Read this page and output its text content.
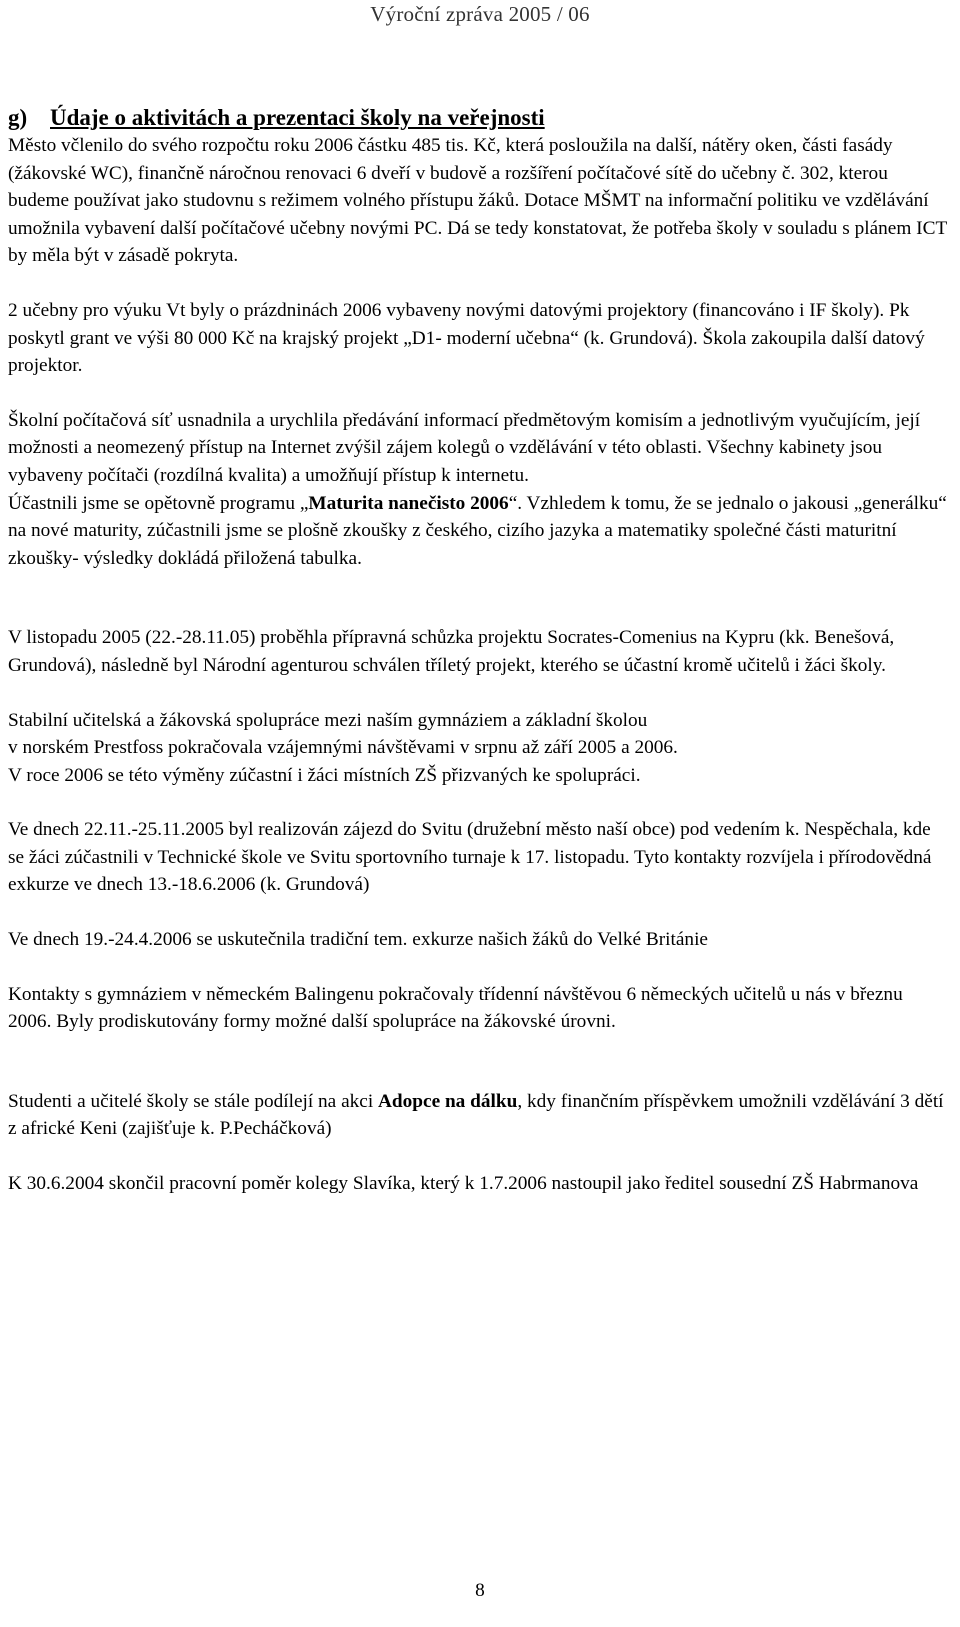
Výroční zpráva 2005 / 06
g) Údaje o aktivitách a prezentaci školy na veřejnosti

Město včlenilo do svého rozpočtu roku 2006 částku 485 tis. Kč, která posloužila na další, nátěry oken, části fasády (žákovské WC), finančně náročnou renovaci 6 dveří v budově a rozšíření počítačové sítě do učebny č. 302, kterou budeme používat jako studovnu s režimem volného přístupu žáků. Dotace MŠMT na informační politiku ve vzdělávání umožnila vybavení další počítačové učebny novými PC. Dá se tedy konstatovat, že potřeba školy v souladu s plánem ICT by měla být v zásadě pokryta.

2 učebny pro výuku Vt byly o prázdninách 2006 vybaveny novými datovými projektory (financováno i IF školy). Pk poskytl grant ve výši 80 000 Kč na krajský projekt „D1- moderní učebna“ (k. Grundová). Škola zakoupila další datový projektor.

Školní počítačová síť usnadnila a urychlila předávání informací předmětovým komisím a jednotlivým vyučujícím, její možnosti a neomezený přístup na Internet zvýšil zájem kolegů o vzdělávání v této oblasti. Všechny kabinety jsou vybaveny počítači (rozdílná kvalita) a umožňují přístup k internetu.

Účastnili jsme se opětovně programu „Maturita nanečisto 2006“. Vzhledem k tomu, že se jednalo o jakousi „generálku“ na nové maturity, zúčastnili jsme se plošně zkoušky z českého, cizího jazyka a matematiky společné části maturitní zkoušky- výsledky dokládá přiložená tabulka.

V listopadu 2005 (22.-28.11.05) proběhla přípravná schůzka projektu Socrates-Comenius na Kypru (kk. Benešová, Grundová), následně byl Národní agenturou schválen tříletý projekt, kterého se účastní kromě učitelů i žáci školy.

Stabilní učitelská a žákovská spolupráce mezi naším gymnáziem a základní školou
v norském Prestfoss pokračovala vzájemnými návštěvami v srpnu až září 2005 a 2006.
V roce 2006 se této výměny zúčastní i žáci místních ZŠ přizvaných ke spolupráci.

Ve dnech 22.11.-25.11.2005 byl realizován zájezd do Svitu (družební město naší obce) pod vedením k. Nespěchala, kde se žáci zúčastnili v Technické škole ve Svitu sportovního turnaje k 17. listopadu. Tyto kontakty rozvíjela i přírodovědná exkurze ve dnech 13.-18.6.2006 (k. Grundová)

Ve dnech 19.-24.4.2006 se uskutečnila tradiční tem. exkurze našich žáků do Velké Británie

Kontakty s gymnáziem v německém Balingenu pokračovaly třídenní návštěvou 6 německých učitelů u nás v březnu 2006. Byly prodiskutovány formy možné další spolupráce na žákovské úrovni.

Studenti a učitelé školy se stále podílejí na akci Adopce na dálku, kdy finančním příspěvkem umožnili vzdělávání 3 dětí z africké Keni (zajišťuje k. P.Pecháčková)

K 30.6.2004 skončil pracovní poměr kolegy Slavíka, který k 1.7.2006 nastoupil jako ředitel sousední ZŠ Habrmanova

8
